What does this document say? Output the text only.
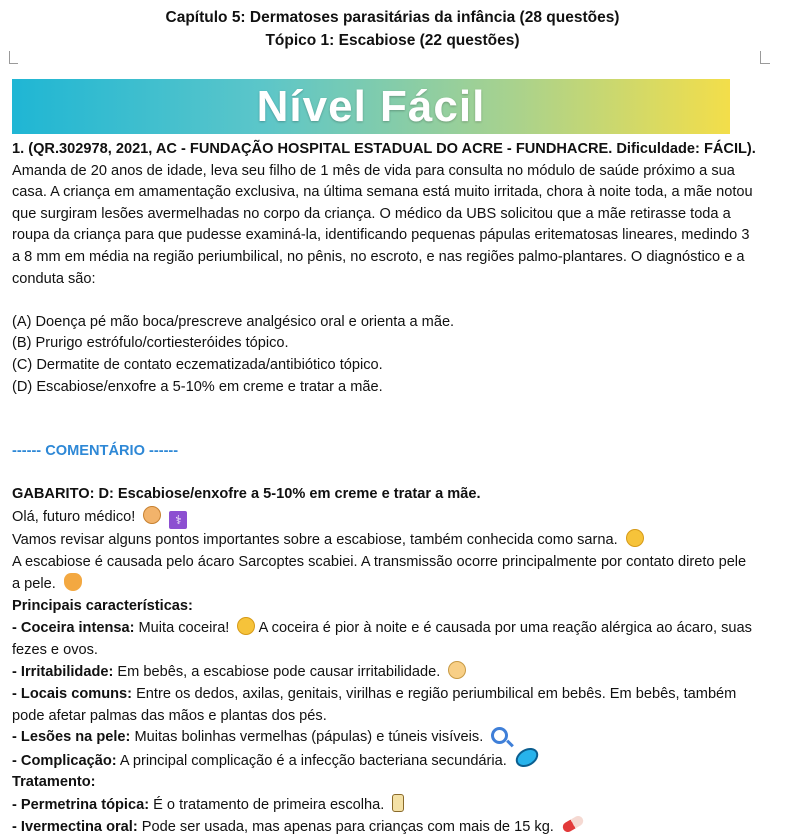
Capítulo 5: Dermatoses parasitárias da infância (28 questões)
Tópico 1: Escabiose (22 questões)
Nível Fácil

1. (QR.302978, 2021, AC - FUNDAÇÃO HOSPITAL ESTADUAL DO ACRE - FUNDHACRE. Dificuldade: FÁCIL). Amanda de 20 anos de idade, leva seu filho de 1 mês de vida para consulta no módulo de saúde próximo a sua casa. A criança em amamentação exclusiva, na última semana está muito irritada, chora à noite toda, a mãe notou que surgiram lesões avermelhadas no corpo da criança. O médico da UBS solicitou que a mãe retirasse toda a roupa da criança para que pudesse examiná-la, identificando pequenas pápulas eritematosas lineares, medindo 3 a 8 mm em média na região periumbilical, no pênis, no escroto, e nas regiões palmo-plantares. O diagnóstico e a conduta são:

(A) Doença pé mão boca/prescreve analgésico oral e orienta a mãe.

(B) Prurigo estrófulo/cortiesteróides tópico.

(C) Dermatite de contato eczematizada/antibiótico tópico.

(D) Escabiose/enxofre a 5-10% em creme e tratar a mãe.

------ COMENTÁRIO ------

GABARITO: D: Escabiose/enxofre a 5-10% em creme e tratar a mãe.

Olá, futuro médico!	⚕

Vamos revisar alguns pontos importantes sobre a escabiose, também conhecida como sarna.

A escabiose é causada pelo ácaro Sarcoptes scabiei. A transmissão ocorre principalmente por contato direto pele a pele.

Principais características:

- Coceira intensa: Muita coceira!  A coceira é pior à noite e é causada por uma reação alérgica ao ácaro, suas fezes e ovos.

- Irritabilidade: Em bebês, a escabiose pode causar irritabilidade.

- Locais comuns: Entre os dedos, axilas, genitais, virilhas e região periumbilical em bebês. Em bebês, também pode afetar palmas das mãos e plantas dos pés.

- Lesões na pele: Muitas bolinhas vermelhas (pápulas) e túneis visíveis.

- Complicação: A principal complicação é a infecção bacteriana secundária.

Tratamento:

- Permetrina tópica: É o tratamento de primeira escolha.

- Ivermectina oral: Pode ser usada, mas apenas para crianças com mais de 15 kg.
